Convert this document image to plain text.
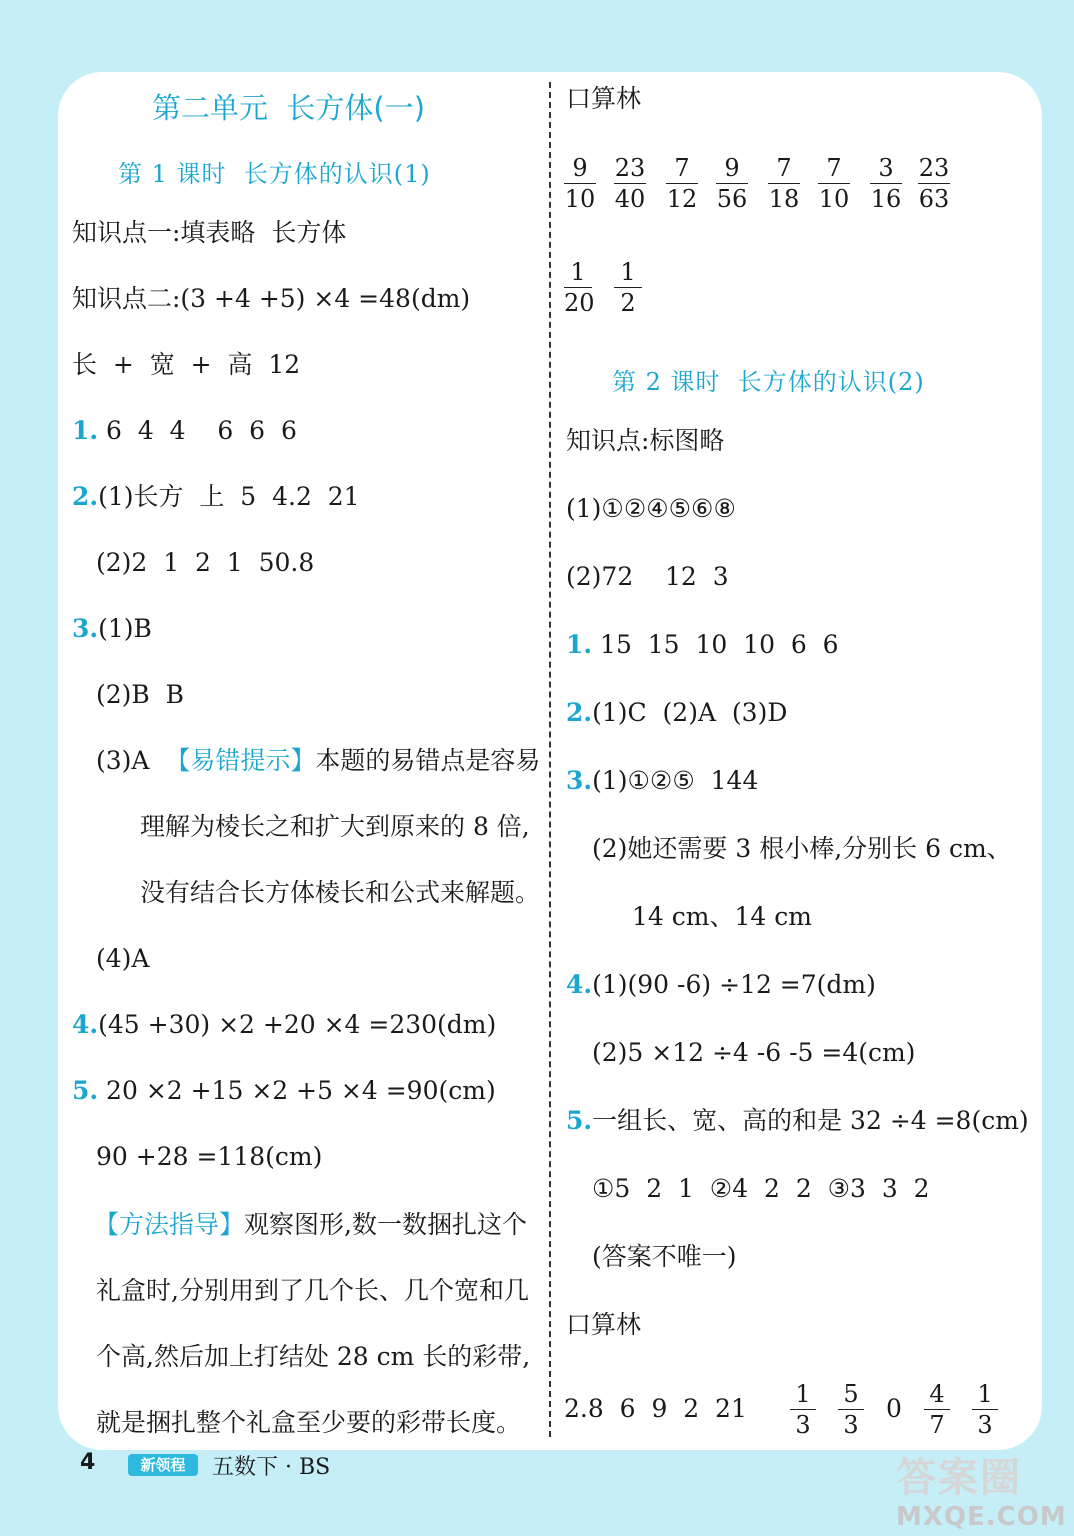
第二单元  长方体(一)
第 1 课时  长方体的认识(1)
知识点一:填表略  长方体
知识点二:(3 +4 +5) ×4 =48(dm)
长  +  宽  +  高  12
1. 6  4  4    6  6  6
2.(1)长方  上  5  4.2  21
(2)2  1  2  1  50.8
3.(1)B
(2)B  B
(3)A  【易错提示】本题的易错点是容易
理解为棱长之和扩大到原来的 8 倍,
没有结合长方体棱长和公式来解题。
(4)A
4.(45 +30) ×2 +20 ×4 =230(dm)
5. 20 ×2 +15 ×2 +5 ×4 =90(cm)
90 +28 =118(cm)
【方法指导】观察图形,数一数捆扎这个
礼盒时,分别用到了几个长、几个宽和几
个高,然后加上打结处 28 cm 长的彩带,
就是捆扎整个礼盒至少要的彩带长度。
口算林
9
10
23
40
7
12
9
56
7
18
7
10
3
16
23
63
1
20
1
2
第 2 课时  长方体的认识(2)
知识点:标图略
(1)①②④⑤⑥⑧
(2)72    12  3
1. 15  15  10  10  6  6
2.(1)C  (2)A  (3)D
3.(1)①②⑤  144
(2)她还需要 3 根小棒,分别长 6 cm、
14 cm、14 cm
4.(1)(90 -6) ÷12 =7(dm)
(2)5 ×12 ÷4 -6 -5 =4(cm)
5.一组长、宽、高的和是 32 ÷4 =8(cm)
①5  2  1  ②4  2  2  ③3  3  2
(答案不唯一)
口算林
2.8  6  9  2  21 1
3
5
3
0 4
7
1
3
4	新领程	五数下 · BS	答案圈
MXQE.COM
